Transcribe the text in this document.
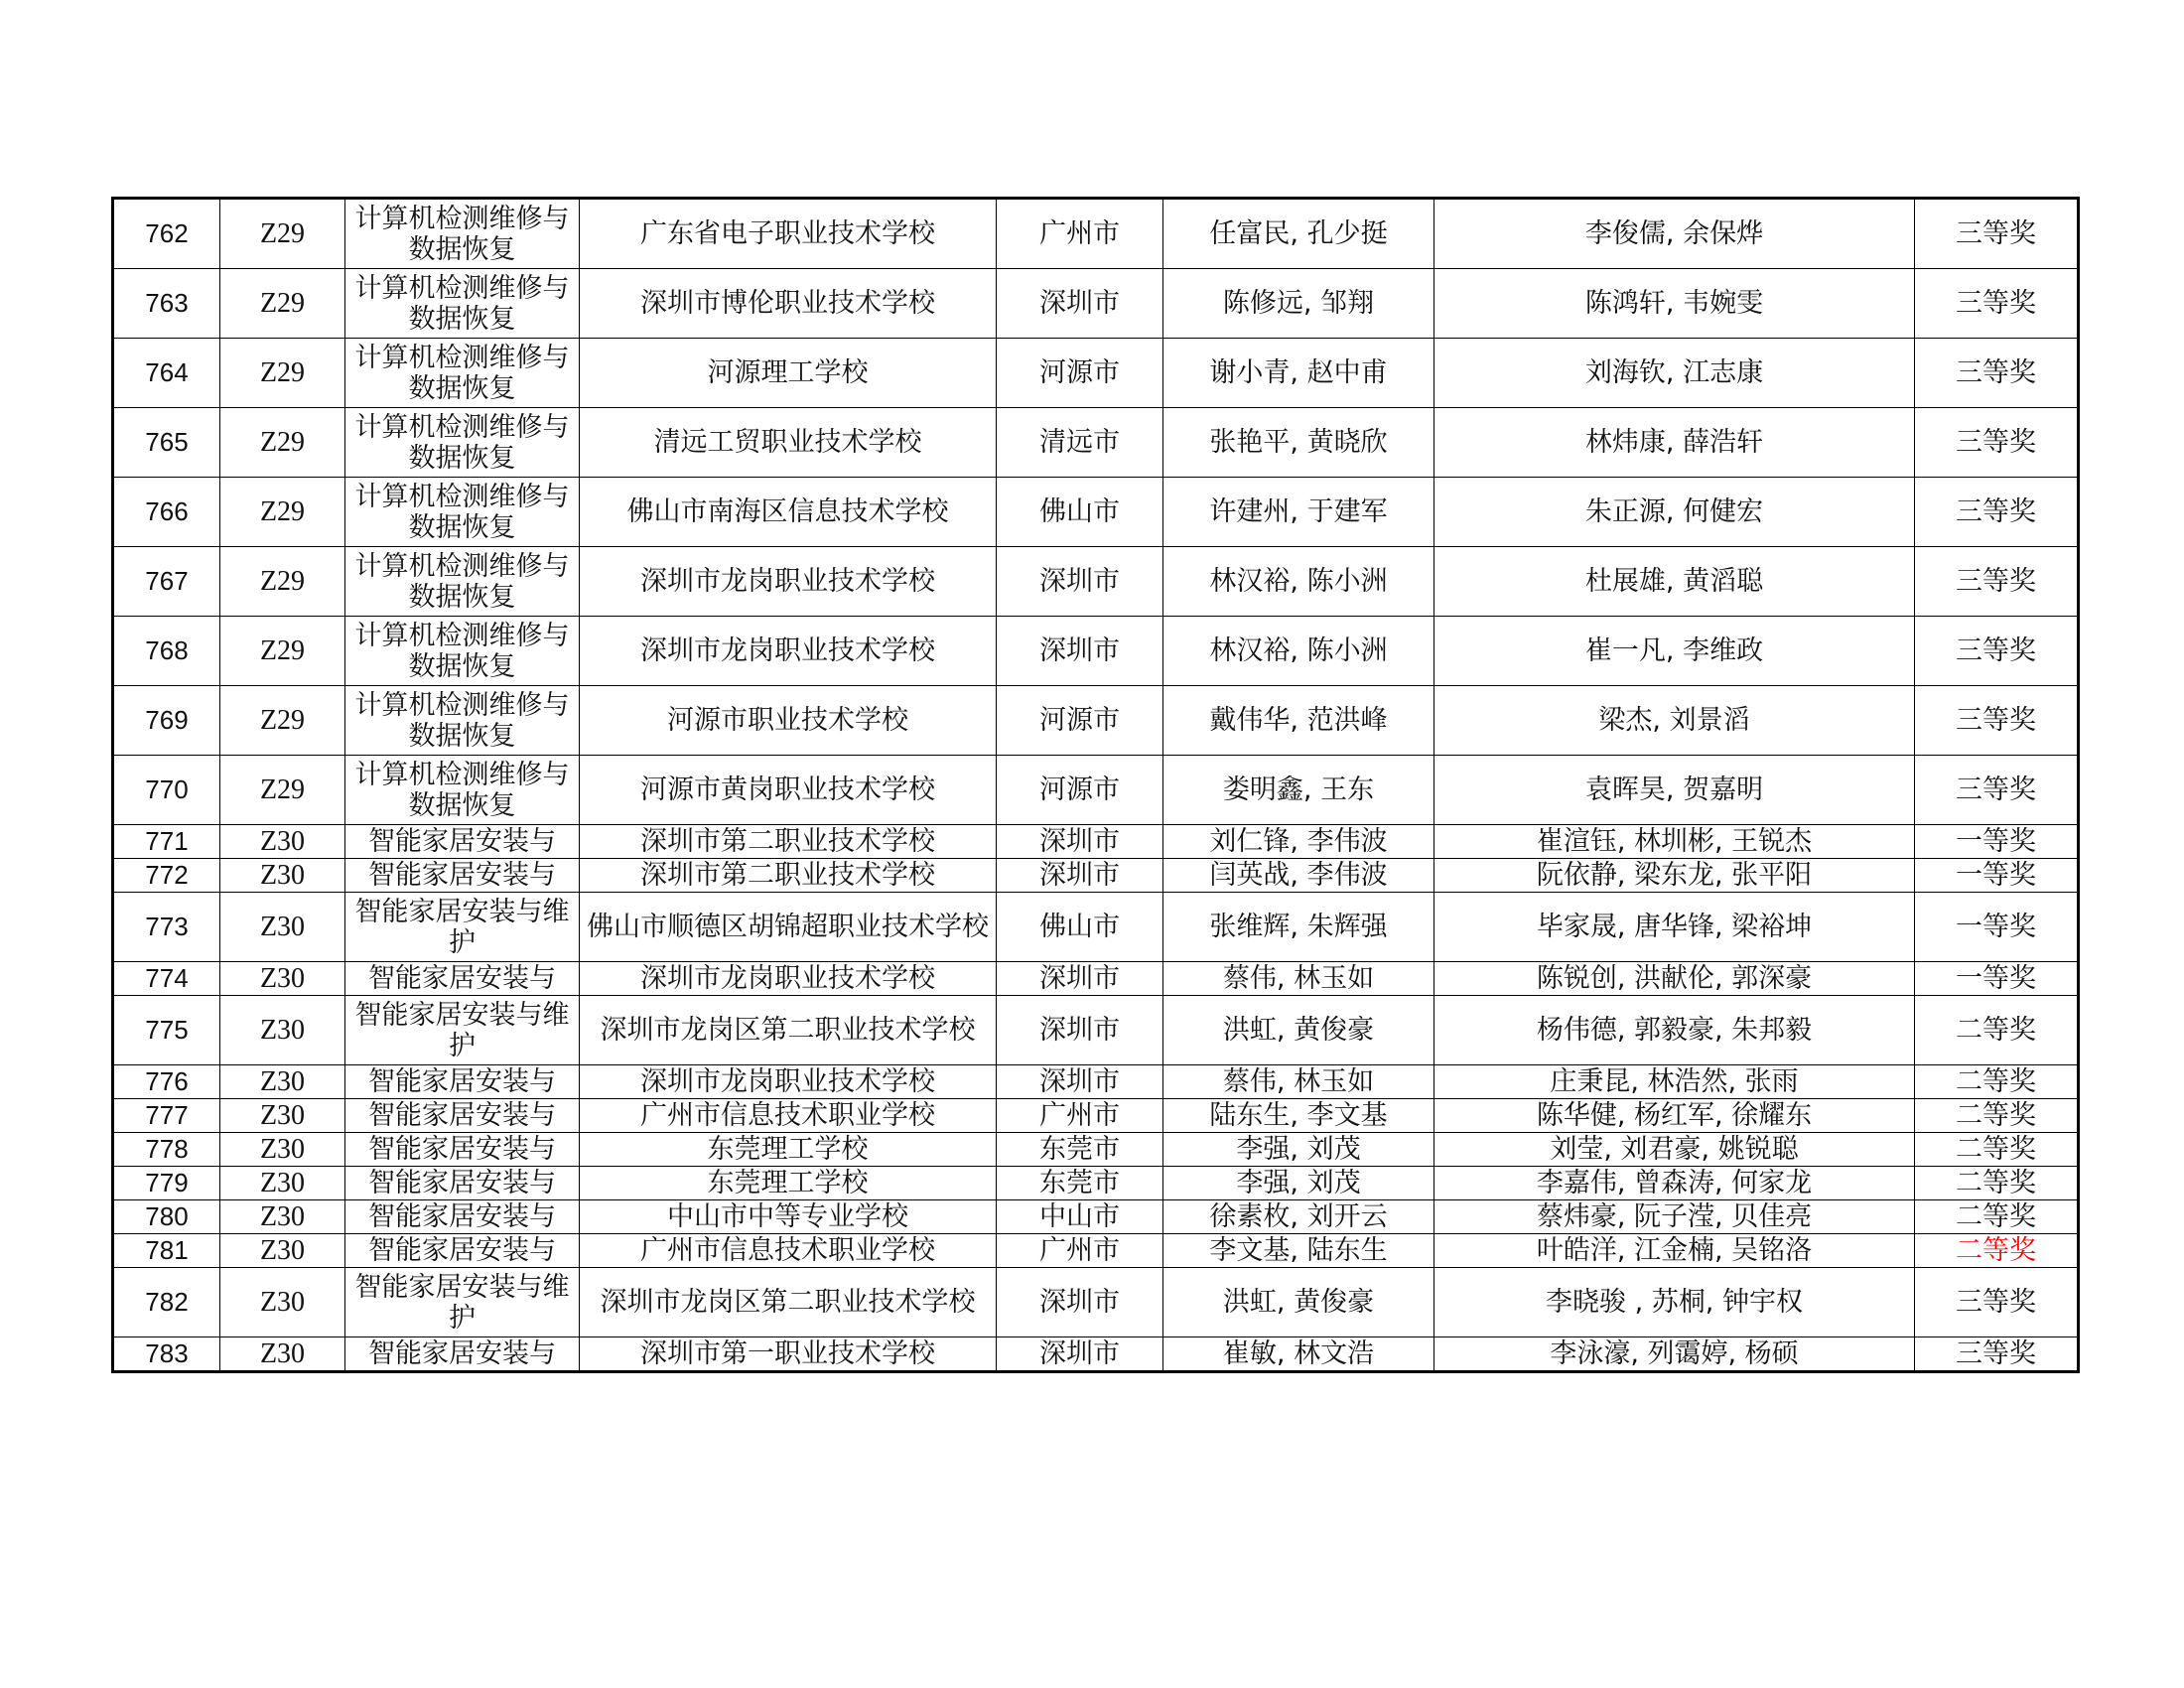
762	Z29	计算机检测维修与数据恢复	广东省电子职业技术学校	广州市	任富民, 孔少挺	李俊儒, 余保烨	三等奖
763	Z29	计算机检测维修与数据恢复	深圳市博伦职业技术学校	深圳市	陈修远, 邹翔	陈鸿轩, 韦婉雯	三等奖
764	Z29	计算机检测维修与数据恢复	河源理工学校	河源市	谢小青, 赵中甫	刘海钦, 江志康	三等奖
765	Z29	计算机检测维修与数据恢复	清远工贸职业技术学校	清远市	张艳平, 黄晓欣	林炜康, 薛浩轩	三等奖
766	Z29	计算机检测维修与数据恢复	佛山市南海区信息技术学校	佛山市	许建州, 于建军	朱正源, 何健宏	三等奖
767	Z29	计算机检测维修与数据恢复	深圳市龙岗职业技术学校	深圳市	林汉裕, 陈小洲	杜展雄, 黄滔聪	三等奖
768	Z29	计算机检测维修与数据恢复	深圳市龙岗职业技术学校	深圳市	林汉裕, 陈小洲	崔一凡, 李维政	三等奖
769	Z29	计算机检测维修与数据恢复	河源市职业技术学校	河源市	戴伟华, 范洪峰	梁杰, 刘景滔	三等奖
770	Z29	计算机检测维修与数据恢复	河源市黄岗职业技术学校	河源市	娄明鑫, 王东	袁晖昊, 贺嘉明	三等奖
771	Z30	智能家居安装与	深圳市第二职业技术学校	深圳市	刘仁锋, 李伟波	崔渲钰, 林圳彬, 王锐杰	一等奖
772	Z30	智能家居安装与	深圳市第二职业技术学校	深圳市	闫英战, 李伟波	阮依静, 梁东龙, 张平阳	一等奖
773	Z30	智能家居安装与维护	佛山市顺德区胡锦超职业技术学校	佛山市	张维辉, 朱辉强	毕家晟, 唐华锋, 梁裕坤	一等奖
774	Z30	智能家居安装与	深圳市龙岗职业技术学校	深圳市	蔡伟, 林玉如	陈锐创, 洪献伦, 郭深豪	一等奖
775	Z30	智能家居安装与维护	深圳市龙岗区第二职业技术学校	深圳市	洪虹, 黄俊豪	杨伟德, 郭毅豪, 朱邦毅	二等奖
776	Z30	智能家居安装与	深圳市龙岗职业技术学校	深圳市	蔡伟, 林玉如	庄秉昆, 林浩然, 张雨	二等奖
777	Z30	智能家居安装与	广州市信息技术职业学校	广州市	陆东生, 李文基	陈华健, 杨红军, 徐耀东	二等奖
778	Z30	智能家居安装与	东莞理工学校	东莞市	李强, 刘茂	刘莹, 刘君豪, 姚锐聪	二等奖
779	Z30	智能家居安装与	东莞理工学校	东莞市	李强, 刘茂	李嘉伟, 曾森涛, 何家龙	二等奖
780	Z30	智能家居安装与	中山市中等专业学校	中山市	徐素枚, 刘开云	蔡炜豪, 阮子滢, 贝佳亮	二等奖
781	Z30	智能家居安装与	广州市信息技术职业学校	广州市	李文基, 陆东生	叶皓洋, 江金楠, 吴铭洛	二等奖
782	Z30	智能家居安装与维护	深圳市龙岗区第二职业技术学校	深圳市	洪虹, 黄俊豪	李晓骏 , 苏桐, 钟宇权	三等奖
783	Z30	智能家居安装与	深圳市第一职业技术学校	深圳市	崔敏, 林文浩	李泳濠, 列霭婷, 杨硕	三等奖
